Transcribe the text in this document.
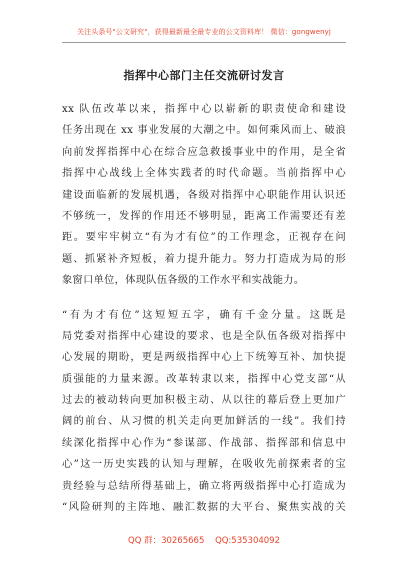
关注头条号"公文研究"，获得最新最全最专业的公文资料库！ 微信：gongwenyj
指挥中心部门主任交流研讨发言
xx 队伍改革以来，指挥中心以崭新的职责使命和建设
任务出现在 xx 事业发展的大潮之中。如何乘风而上、破浪
向前发挥指挥中心在综合应急救援事业中的作用，是全省
指挥中心战线上全体实践者的时代命题。当前指挥中心
建设面临新的发展机遇，各级对指挥中心职能作用认识还
不够统一，发挥的作用还不够明显，距离工作需要还有差
距。要牢牢树立“有为才有位”的工作理念，正视存在问
题、抓紧补齐短板，着力提升能力。努力打造成为局的形
象窗口单位，体现队伍各级的工作水平和实战能力。
“有为才有位”这短短五字，确有千金分量。这既是
局党委对指挥中心建设的要求、也是全队伍各级对指挥中
心发展的期盼，更是两级指挥中心上下统筹互补、加快提
质强能的力量来源。改革转隶以来，指挥中心党支部“从
过去的被动转向更加积极主动、从以往的幕后登上更加广
阔的前台、从习惯的机关走向更加鲜活的一线”。我们持
续深化指挥中心作为“参谋部、作战部、指挥部和信息中
心”这一历史实践的认知与理解，在吸收先前探索者的宝
贵经验与总结所得基础上，确立将两级指挥中心打造成为
“风险研判的主阵地、融汇数据的大平台、聚焦实战的关
QQ 群：30265665 QQ:535304092
